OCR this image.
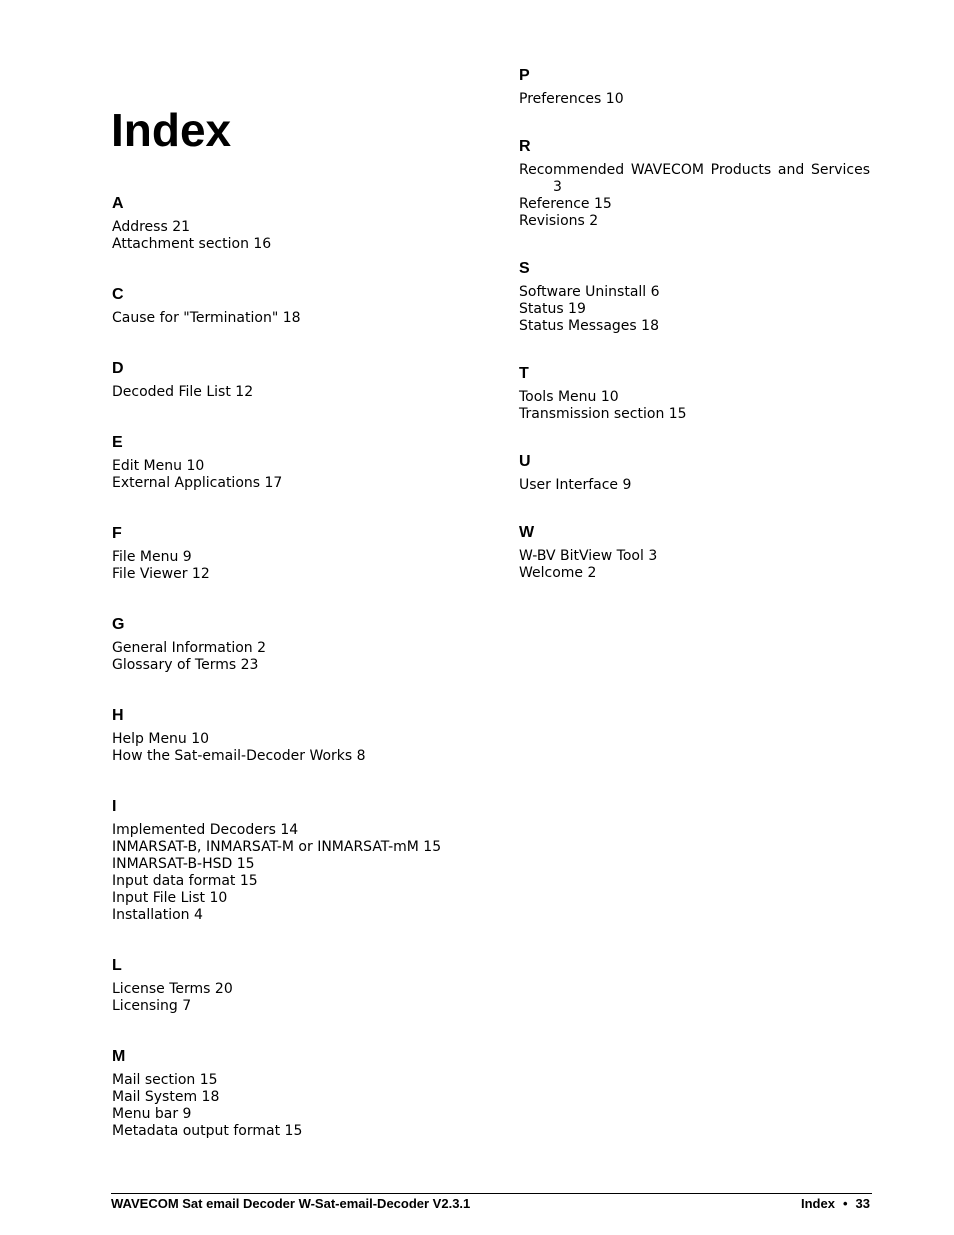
Index
A
Address 21
Attachment section 16
C
Cause for "Termination" 18
D
Decoded File List 12
E
Edit Menu 10
External Applications 17
F
File Menu 9
File Viewer 12
G
General Information 2
Glossary of Terms 23
H
Help Menu 10
How the Sat-email-Decoder Works 8
I
Implemented Decoders 14
INMARSAT-B, INMARSAT-M or INMARSAT-mM 15
INMARSAT-B-HSD 15
Input data format 15
Input File List 10
Installation 4
L
License Terms 20
Licensing 7
M
Mail section 15
Mail System 18
Menu bar 9
Metadata output format 15
P
Preferences 10
R
Recommended WAVECOM Products and Services 3
Reference 15
Revisions 2
S
Software Uninstall 6
Status 19
Status Messages 18
T
Tools Menu 10
Transmission section 15
U
User Interface 9
W
W-BV BitView Tool 3
Welcome 2
WAVECOM Sat email Decoder W-Sat-email-Decoder V2.3.1	Index • 33
